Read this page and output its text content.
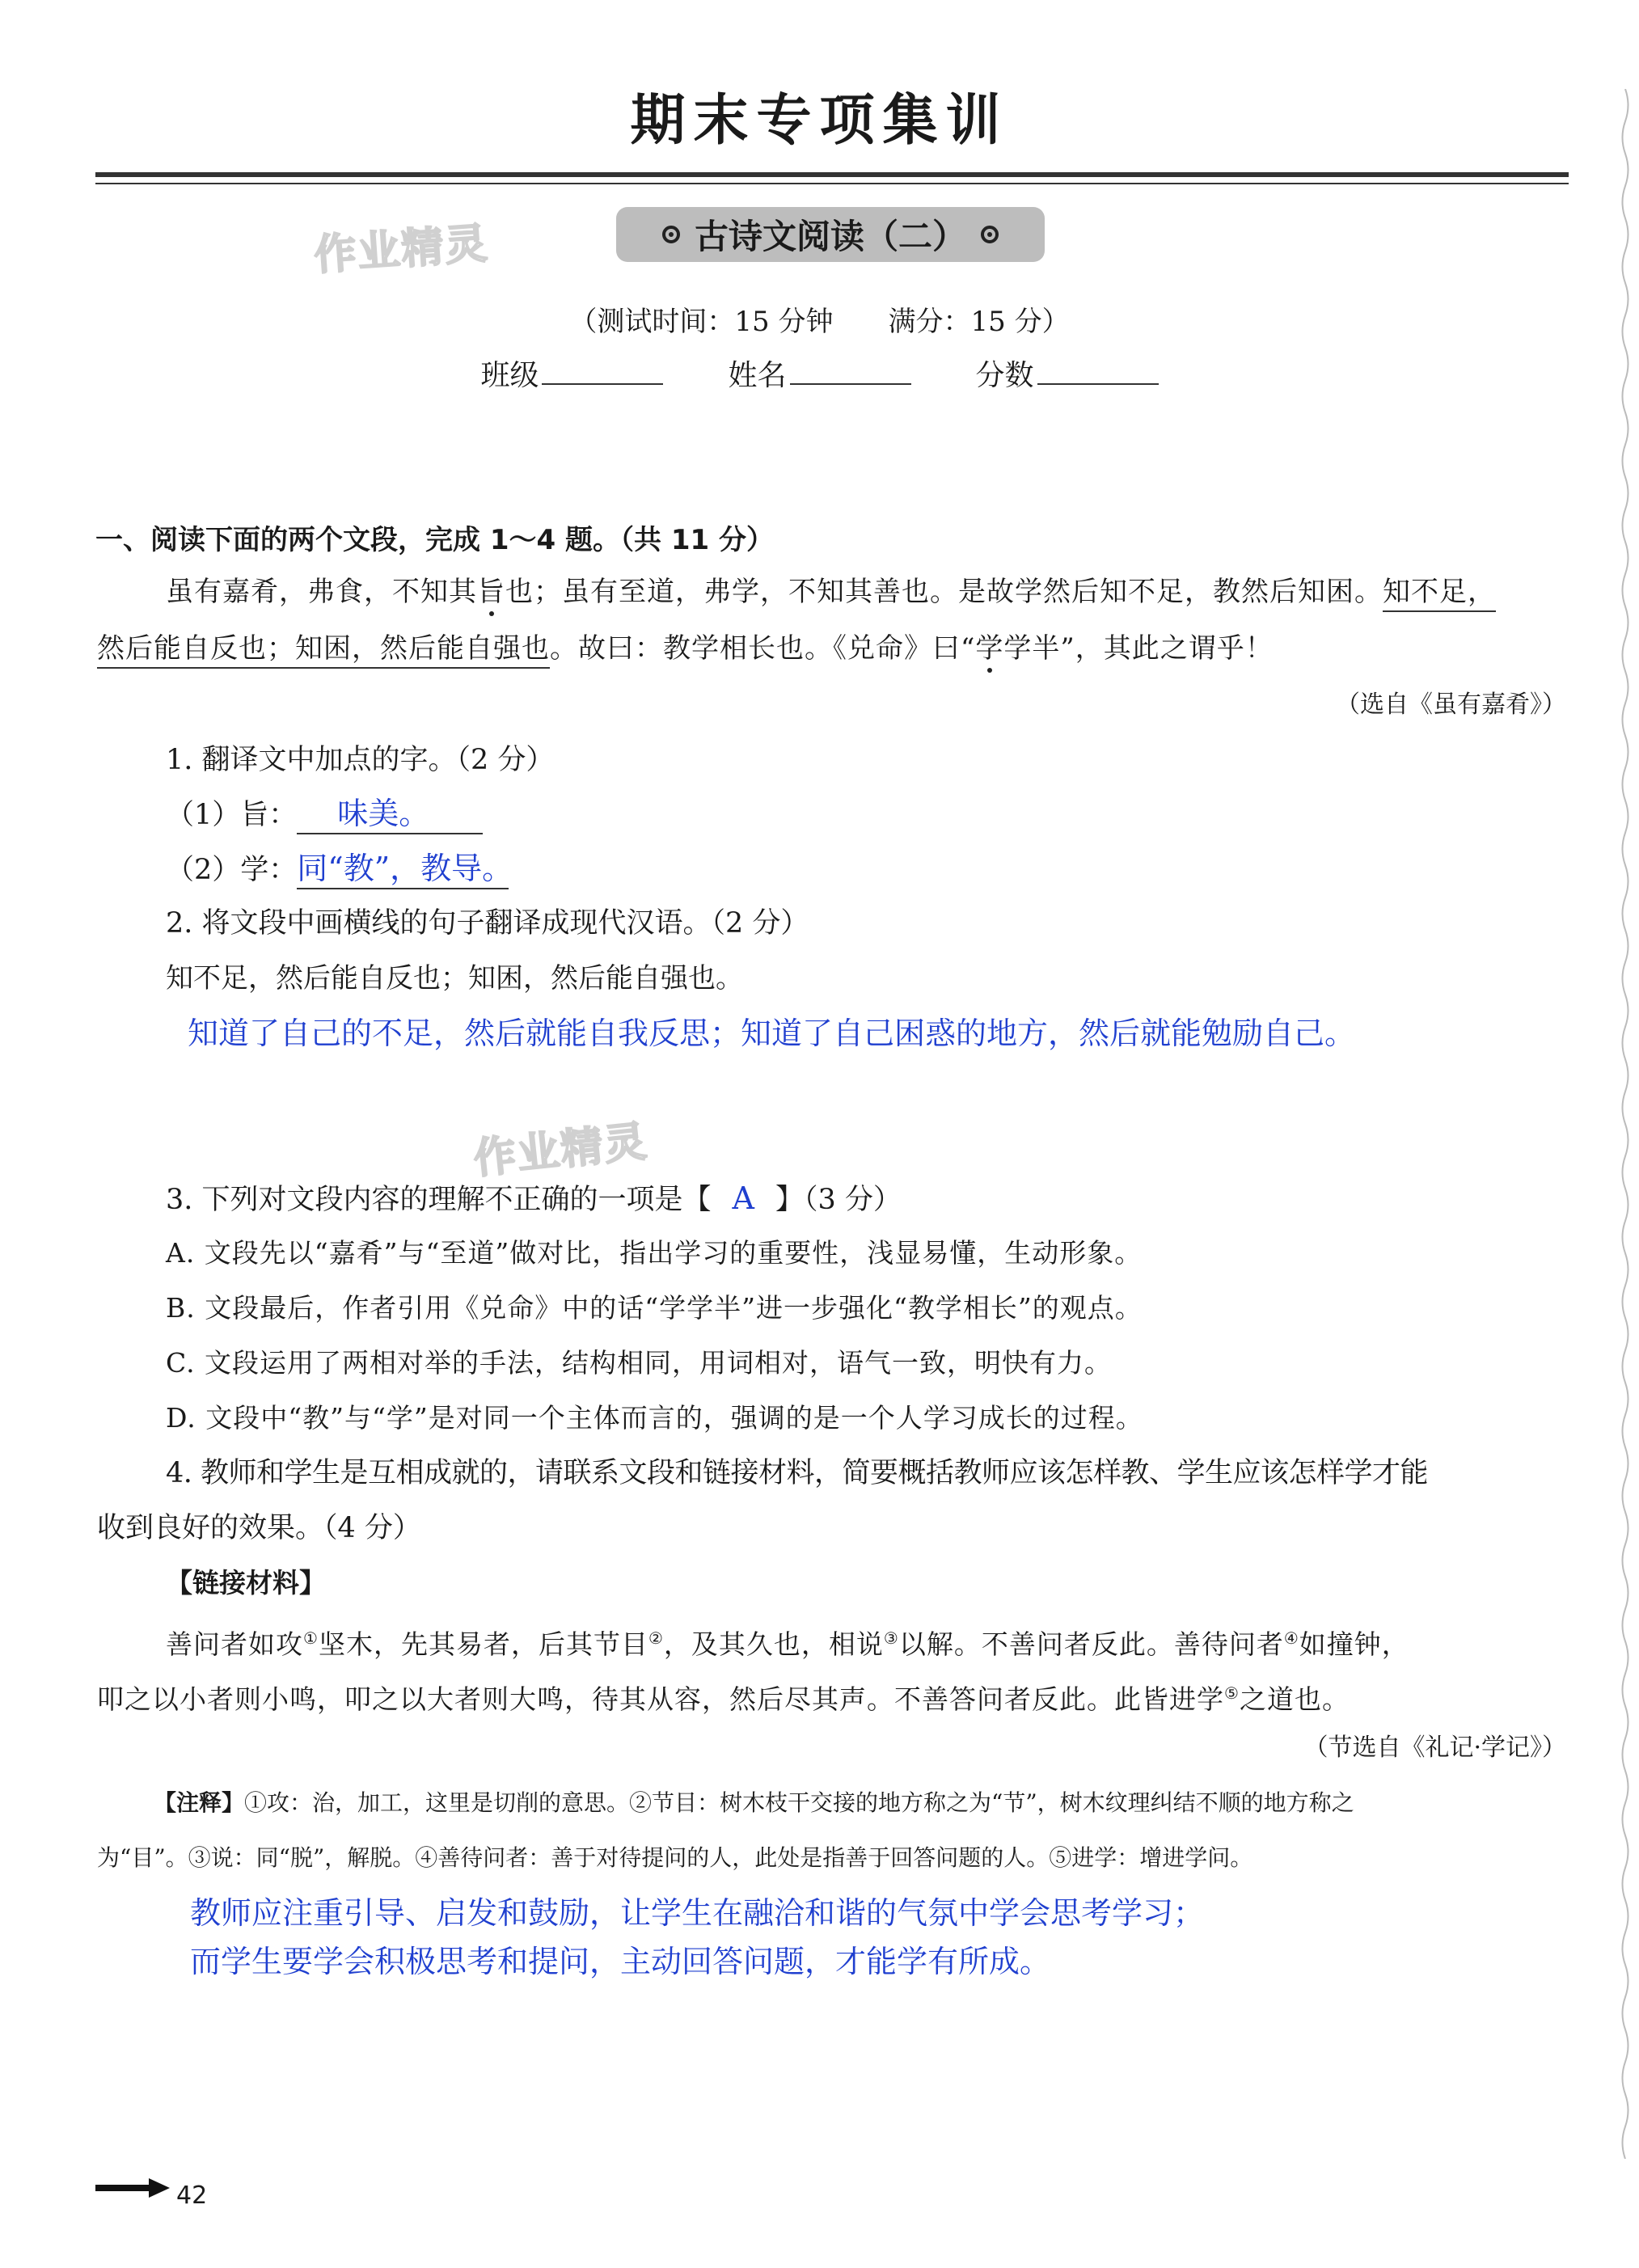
期末专项集训
作业精灵	古诗文阅读（二）
（测试时间：15 分钟　　满分：15 分）
班级	姓名	分数
一、阅读下面的两个文段，完成 1～4 题。（共 11 分）
虽有嘉肴，弗食，不知其旨也；虽有至道，弗学，不知其善也。是故学然后知不足，教然后知困。知不足，
然后能自反也；知困，然后能自强也。故曰：教学相长也。《兑命》曰“学学半”，其此之谓乎！
（选自《虽有嘉肴》）
1. 翻译文中加点的字。（2 分）
（1）旨： 味美。
（2）学：同“教”，教导。
2. 将文段中画横线的句子翻译成现代汉语。（2 分）
知不足，然后能自反也；知困，然后能自强也。
知道了自己的不足，然后就能自我反思；知道了自己困惑的地方，然后就能勉励自己。
作业精灵
3. 下列对文段内容的理解不正确的一项是【 A 】（3 分）
A. 文段先以“嘉肴”与“至道”做对比，指出学习的重要性，浅显易懂，生动形象。
B. 文段最后，作者引用《兑命》中的话“学学半”进一步强化“教学相长”的观点。
C. 文段运用了两相对举的手法，结构相同，用词相对，语气一致，明快有力。
D. 文段中“教”与“学”是对同一个主体而言的，强调的是一个人学习成长的过程。
4. 教师和学生是互相成就的，请联系文段和链接材料，简要概括教师应该怎样教、学生应该怎样学才能
收到良好的效果。（4 分）
【链接材料】
善问者如攻①坚木，先其易者，后其节目②，及其久也，相说③以解。不善问者反此。善待问者④如撞钟，
叩之以小者则小鸣，叩之以大者则大鸣，待其从容，然后尽其声。不善答问者反此。此皆进学⑤之道也。
（节选自《礼记·学记》）
【注释】①攻：治，加工，这里是切削的意思。②节目：树木枝干交接的地方称之为“节”，树木纹理纠结不顺的地方称之
为“目”。③说：同“脱”，解脱。④善待问者：善于对待提问的人，此处是指善于回答问题的人。⑤进学：增进学问。
教师应注重引导、启发和鼓励，让学生在融洽和谐的气氛中学会思考学习；
而学生要学会积极思考和提问，主动回答问题，才能学有所成。
42
